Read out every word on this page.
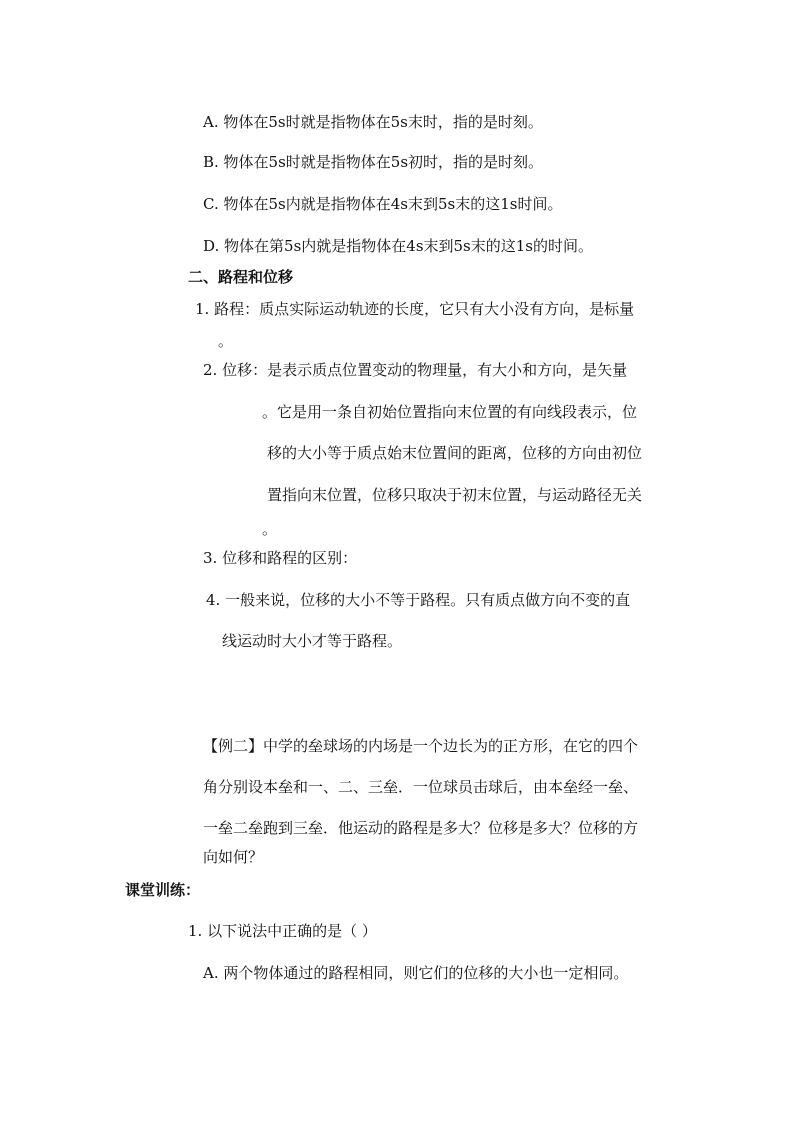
A. 物体在5s时就是指物体在5s末时，指的是时刻。
B. 物体在5s时就是指物体在5s初时，指的是时刻。
C. 物体在5s内就是指物体在4s末到5s末的这1s时间。
D. 物体在第5s内就是指物体在4s末到5s末的这1s的时间。
二、路程和位移
1. 路程：质点实际运动轨迹的长度，它只有大小没有方向，是标量
。
2. 位移：是表示质点位置变动的物理量，有大小和方向，是矢量
。它是用一条自初始位置指向末位置的有向线段表示，位
移的大小等于质点始末位置间的距离，位移的方向由初位
置指向末位置，位移只取决于初末位置，与运动路径无关
。
3. 位移和路程的区别：
4. 一般来说，位移的大小不等于路程。只有质点做方向不变的直
线运动时大小才等于路程。
【例二】中学的垒球场的内场是一个边长为的正方形，在它的四个
角分别设本垒和一、二、三垒．一位球员击球后，由本垒经一垒、
一垒二垒跑到三垒．他运动的路程是多大？位移是多大？位移的方
向如何？
课堂训练：
1. 以下说法中正确的是（ ）
A. 两个物体通过的路程相同，则它们的位移的大小也一定相同。
